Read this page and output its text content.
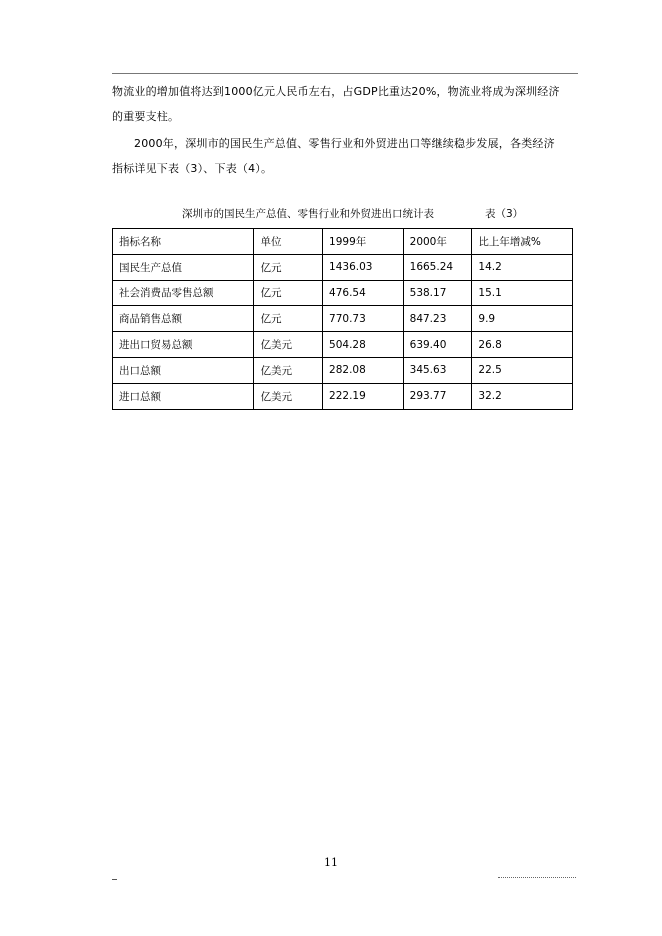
物流业的增加值将达到1000亿元人民币左右，占GDP比重达20%，物流业将成为深圳经济
的重要支柱。
2000年，深圳市的国民生产总值、零售行业和外贸进出口等继续稳步发展，各类经济
指标详见下表（3）、下表（4）。
深圳市的国民生产总值、零售行业和外贸进出口统计表	表（3）
指标名称	单位	1999年	2000年	比上年增减%
国民生产总值	亿元	1436.03	1665.24	14.2
社会消费品零售总额	亿元	476.54	538.17	15.1
商品销售总额	亿元	770.73	847.23	9.9
进出口贸易总额	亿美元	504.28	639.40	26.8
出口总额	亿美元	282.08	345.63	22.5
进口总额	亿美元	222.19	293.77	32.2
11
